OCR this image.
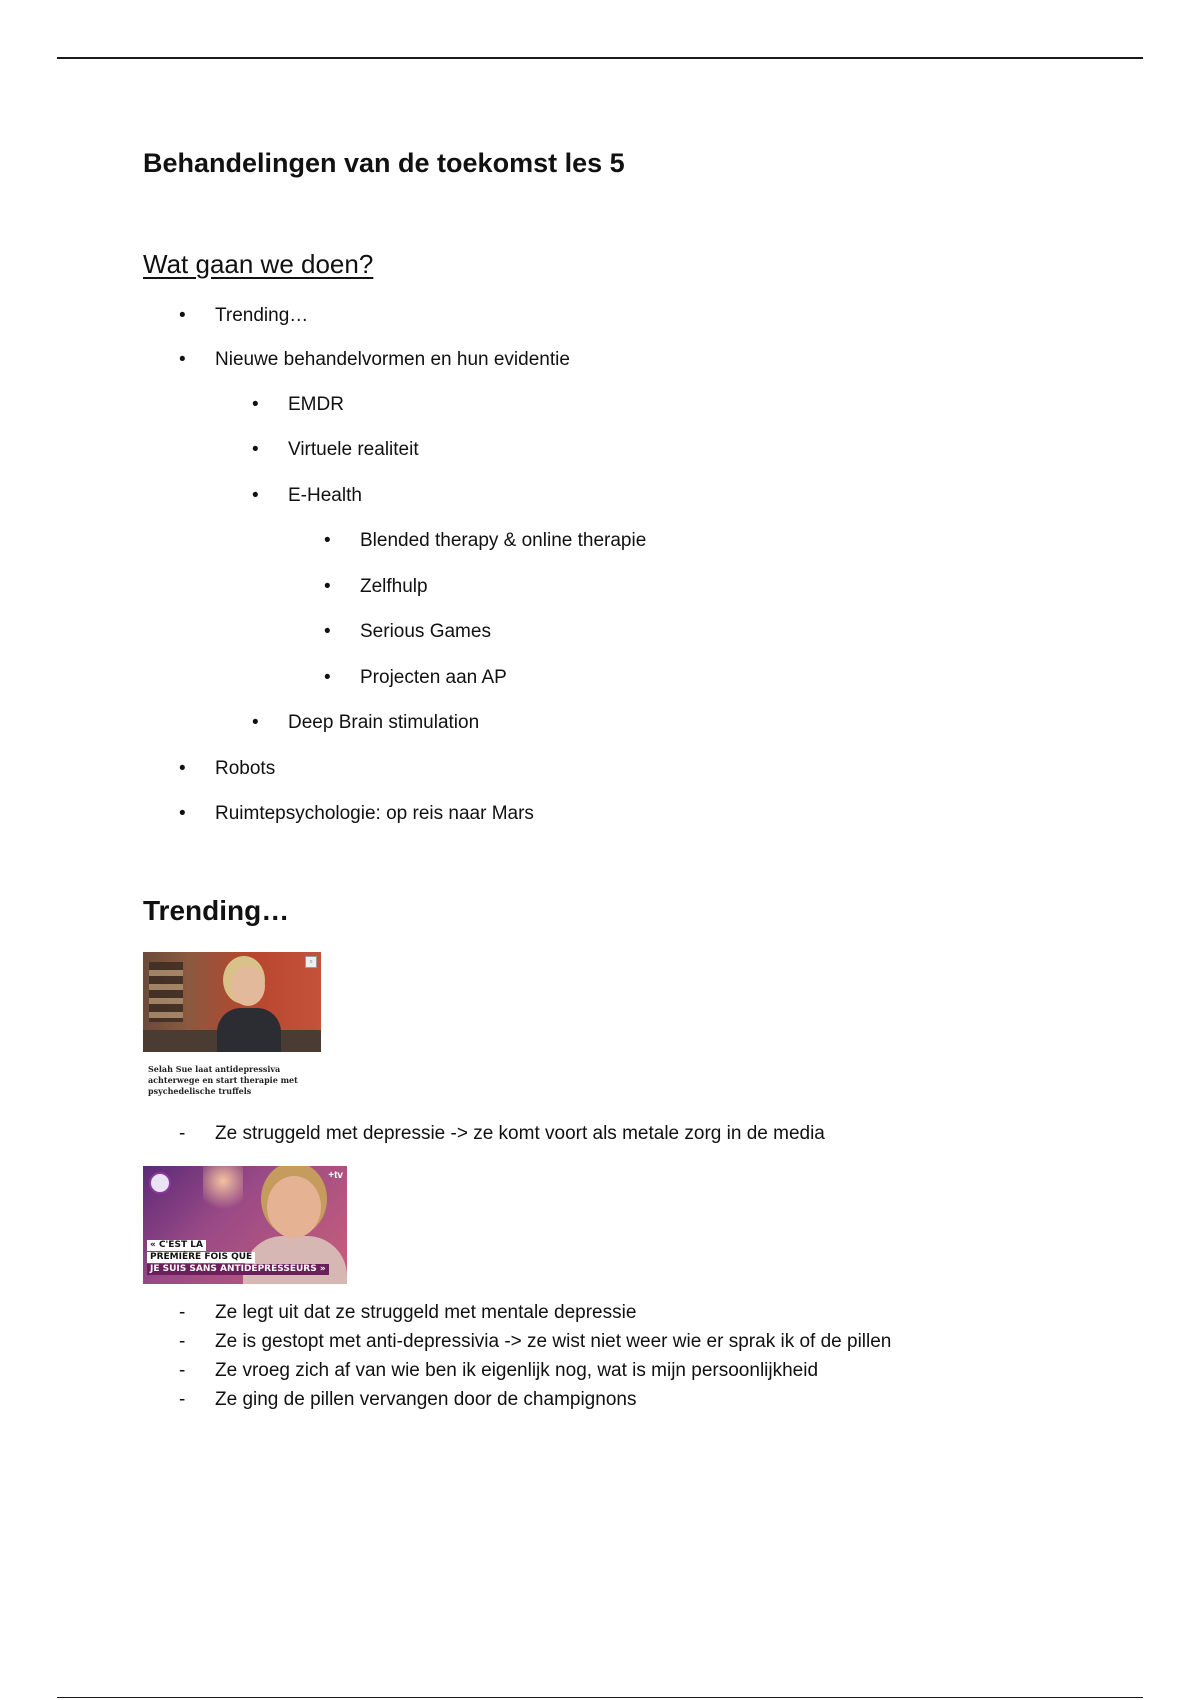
Behandelingen van de toekomst les 5
Wat gaan we doen?
• Trending…
• Nieuwe behandelvormen en hun evidentie
• EMDR
• Virtuele realiteit
• E-Health
• Blended therapy & online therapie
• Zelfhulp
• Serious Games
• Projecten aan AP
• Deep Brain stimulation
• Robots
• Ruimtepsychologie: op reis naar Mars
Trending…
▫
Selah Sue laat antidepressiva achterwege en start therapie met psychedelische truffels
- Ze struggeld met depressie -> ze komt voort als metale zorg in de media
+tv
« C'EST LA
PREMIÈRE FOIS QUE
JE SUIS SANS ANTIDÉPRESSEURS »
- Ze legt uit dat ze struggeld met mentale depressie
- Ze is gestopt met anti-depressivia -> ze wist niet weer wie er sprak ik of de pillen
- Ze vroeg zich af van wie ben ik eigenlijk nog, wat is mijn persoonlijkheid
- Ze ging de pillen vervangen door de champignons
